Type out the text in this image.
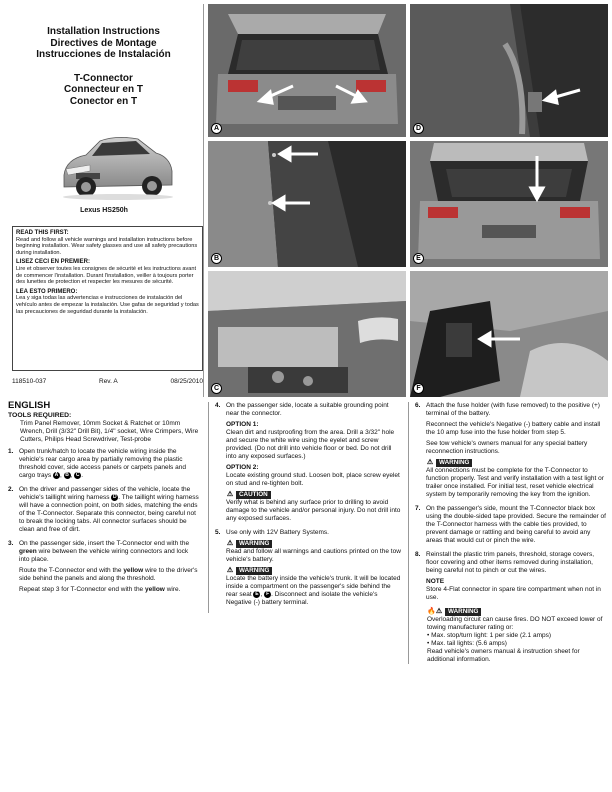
Installation Instructions
Directives de Montage
Instrucciones de Instalación
T-Connector
Connecteur en T
Conector en T
Lexus HS250h

READ THIS FIRST:
Read and follow all vehicle warnings and installation instructions before beginning installation. Wear safety glasses and use all safety precautions during installation.

LISEZ CECI EN PREMIER:
Lire et observer toutes les consignes de sécurité et les instructions avant de commencer l'installation. Durant l'installation, veiller à toujours porter des lunettes de protection et respecter les mesures de sécurité.

LEA ESTO PRIMERO:
Lea y siga todas las advertencias e instrucciones de instalación del vehículo antes de empezar la instalación. Use gafas de seguridad y todas las precauciones de seguridad durante la instalación.

118510-037	Rev. A	08/25/2010
A	D
B	E
C	F
ENGLISH
TOOLS REQUIRED:
Trim Panel Remover, 10mm Socket & Ratchet or 10mm Wrench, Drill (3/32" Drill Bit), 1/4" socket, Wire Crimpers, Wire Cutters, Philips Head Screwdriver, Test-probe
1. Open trunk/hatch to locate the vehicle wiring inside the vehicle's rear cargo area by partially removing the plastic threshold cover, side access panels or carpets panels and cargo trays A , B , C .

2. On the driver and passenger sides of the vehicle, locate the vehicle's taillight wiring harness D . The taillight wiring harness will have a connection point, on both sides, matching the ends of the T-Connector. Separate this connector, being careful not to break the locking tabs. All connector surfaces should be clean and free of dirt.

3. On the passenger side, insert the T-Connector end with the green wire between the vehicle wiring connectors and lock into place.

Route the T-Connector end with the yellow wire to the driver's side behind the panels and along the threshold.

Repeat step 3 for T-Connector end with the yellow wire.

4. On the passenger side, locate a suitable grounding point near the connector.

OPTION 1:

Clean dirt and rustproofing from the area. Drill a 3/32" hole and secure the white wire using the eyelet and screw provided. (Do not drill into vehicle floor or bed. Do not drill into any exposed surfaces.)

OPTION 2:

Locate existing ground stud. Loosen bolt, place screw eyelet on stud and re-tighten bolt.

⚠ CAUTION

Verify what is behind any surface prior to drilling to avoid damage to the vehicle and/or personal injury. Do not drill into any exposed surfaces.

5. Use only with 12V Battery Systems.

⚠ WARNING

Read and follow all warnings and cautions printed on the tow vehicle's battery.

⚠ WARNING

Locate the battery inside the vehicle's trunk. It will be located inside a compartment on the passenger's side behind the rear seat E , F . Disconnect and isolate the vehicle's Negative (-) battery terminal.

6. Attach the fuse holder (with fuse removed) to the positive (+) terminal of the battery.

Reconnect the vehicle's Negative (-) battery cable and install the 10 amp fuse into the fuse holder from step 5.

See tow vehicle's owners manual for any special battery reconnection instructions.

⚠ WARNING

All connections must be complete for the T-Connector to function properly. Test and verify installation with a test light or trailer once installed. For initial test, reset vehicle electrical system by temporarily removing the key from the ignition.

7. On the passenger's side, mount the T-Connector black box using the double-sided tape provided. Secure the remainder of the T-Connector harness with the cable ties provided, to prevent damage or rattling and being careful to avoid any areas that would cut or pinch the wire.

8. Reinstall the plastic trim panels, threshold, storage covers, floor covering and other items removed during installation, being careful not to pinch or cut the wires.

NOTE

Store 4-Flat connector in spare tire compartment when not in use.

🔥⚠ WARNING

Overloading circuit can cause fires. DO NOT exceed lower of towing manufacturer rating or:

• Max. stop/turn light: 1 per side (2.1 amps)
• Max. tail lights: (5.6 amps)

Read vehicle's owners manual & instruction sheet for additional information.
